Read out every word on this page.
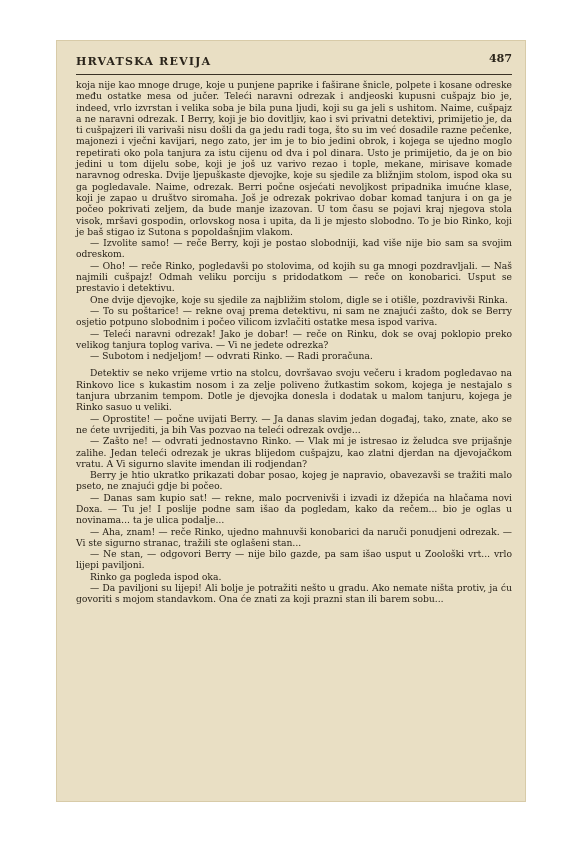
HRVATSKA REVIJA	487

koja nije kao mnoge druge, koje u punjene paprike i faširane šnicle, polpete i kosane odreske među ostatke mesa od jučer. Teleći naravni odrezak i andjeoski kupusni cušpajz bio je, indeed, vrlo izvrstan i velika soba je bila puna ljudi, koji su ga jeli s ushitom. Naime, cušpajz a ne naravni odrezak. I Berry, koji je bio dovitljiv, kao i svi privatni detektivi, primijetio je, da ti cušpajzeri ili varivaši nisu došli da ga jedu radi toga, što su im već dosadile razne pečenke, majonezi i vječni kavijari, nego zato, jer im je to bio jedini obrok, i kojega se ujedno moglo repetirati oko pola tanjura za istu cijenu od dva i pol dinara. Usto je primijetio, da je on bio jedini u tom dijelu sobe, koji je još uz varivo rezao i tople, mekane, mirisave komade naravnog odreska. Dvije ljepuškaste djevojke, koje su sjedile za bližnjim stolom, ispod oka su ga pogledavale. Naime, odrezak. Berri počne osjećati nevoljkost pripadnika imućne klase, koji je zapao u društvo siromaha. Još je odrezak pokrivao dobar komad tanjura i on ga je počeo pokrivati zeljem, da bude manje izazovan. U tom času se pojavi kraj njegova stola visok, mršavi gospodin, orlovskog nosa i upita, da li je mjesto slobodno. To je bio Rinko, koji je baš stigao iz Sutona s popoldašnjim vlakom.

— Izvolite samo! — reče Berry, koji je postao slobodniji, kad više nije bio sam sa svojim odreskom.

— Oho! — reče Rinko, pogledavši po stolovima, od kojih su ga mnogi pozdravljali. — Naš najmili cušpajz! Odmah veliku porciju s pridodatkom — reče on konobarici. Usput se prestavio i detektivu.

One dvije djevojke, koje su sjedile za najbližim stolom, digle se i otišle, pozdravivši Rinka.

— To su poštarice! — rekne ovaj prema detektivu, ni sam ne znajući zašto, dok se Berry osjetio potpuno slobodnim i počeo vilicom izvlačiti ostatke mesa ispod variva.

— Teleći naravni odrezak! Jako je dobar! — reče on Rinku, dok se ovaj poklopio preko velikog tanjura toplog variva. — Vi ne jedete odrezka?

— Subotom i nedjeljom! — odvrati Rinko. — Radi proračuna.

Detektiv se neko vrijeme vrtio na stolcu, dovršavao svoju večeru i kradom pogledavao na Rinkovo lice s kukastim nosom i za zelje poliveno žutkastim sokom, kojega je nestajalo s tanjura ubrzanim tempom. Dotle je djevojka donesla i dodatak u malom tanjuru, kojega je Rinko sasuo u veliki.

— Oprostite! — počne uvijati Berry. — Ja danas slavim jedan događaj, tako, znate, ako se ne ćete uvrijediti, ja bih Vas pozvao na teleći odrezak ovdje...

— Zašto ne! — odvrati jednostavno Rinko. — Vlak mi je istresao iz želudca sve prijašnje zalihe. Jedan teleći odrezak je ukras blijedom cušpajzu, kao zlatni djerdan na djevojačkom vratu. A Vi sigurno slavite imendan ili rodjendan?

Berry je htio ukratko prikazati dobar posao, kojeg je napravio, obavezavši se tražiti malo pseto, ne znajući gdje bi počeo.

— Danas sam kupio sat! — rekne, malo pocrvenivši i izvadi iz džepića na hlačama novi Doxa. — Tu je! I poslije podne sam išao da pogledam, kako da rečem... bio je oglas u novinama... ta je ulica podalje...

— Aha, znam! — reče Rinko, ujedno mahnuvši konobarici da naruči ponudjeni odrezak. — Vi ste sigurno stranac, tražili ste oglašeni stan...

— Ne stan, — odgovori Berry — nije bilo gazde, pa sam išao usput u Zoološki vrt... vrlo lijepi paviljoni.

Rinko ga pogleda ispod oka.

— Da paviljoni su lijepi! Ali bolje je potražiti nešto u gradu. Ako nemate ništa protiv, ja ću govoriti s mojom standavkom. Ona će znati za koji prazni stan ili barem sobu...
